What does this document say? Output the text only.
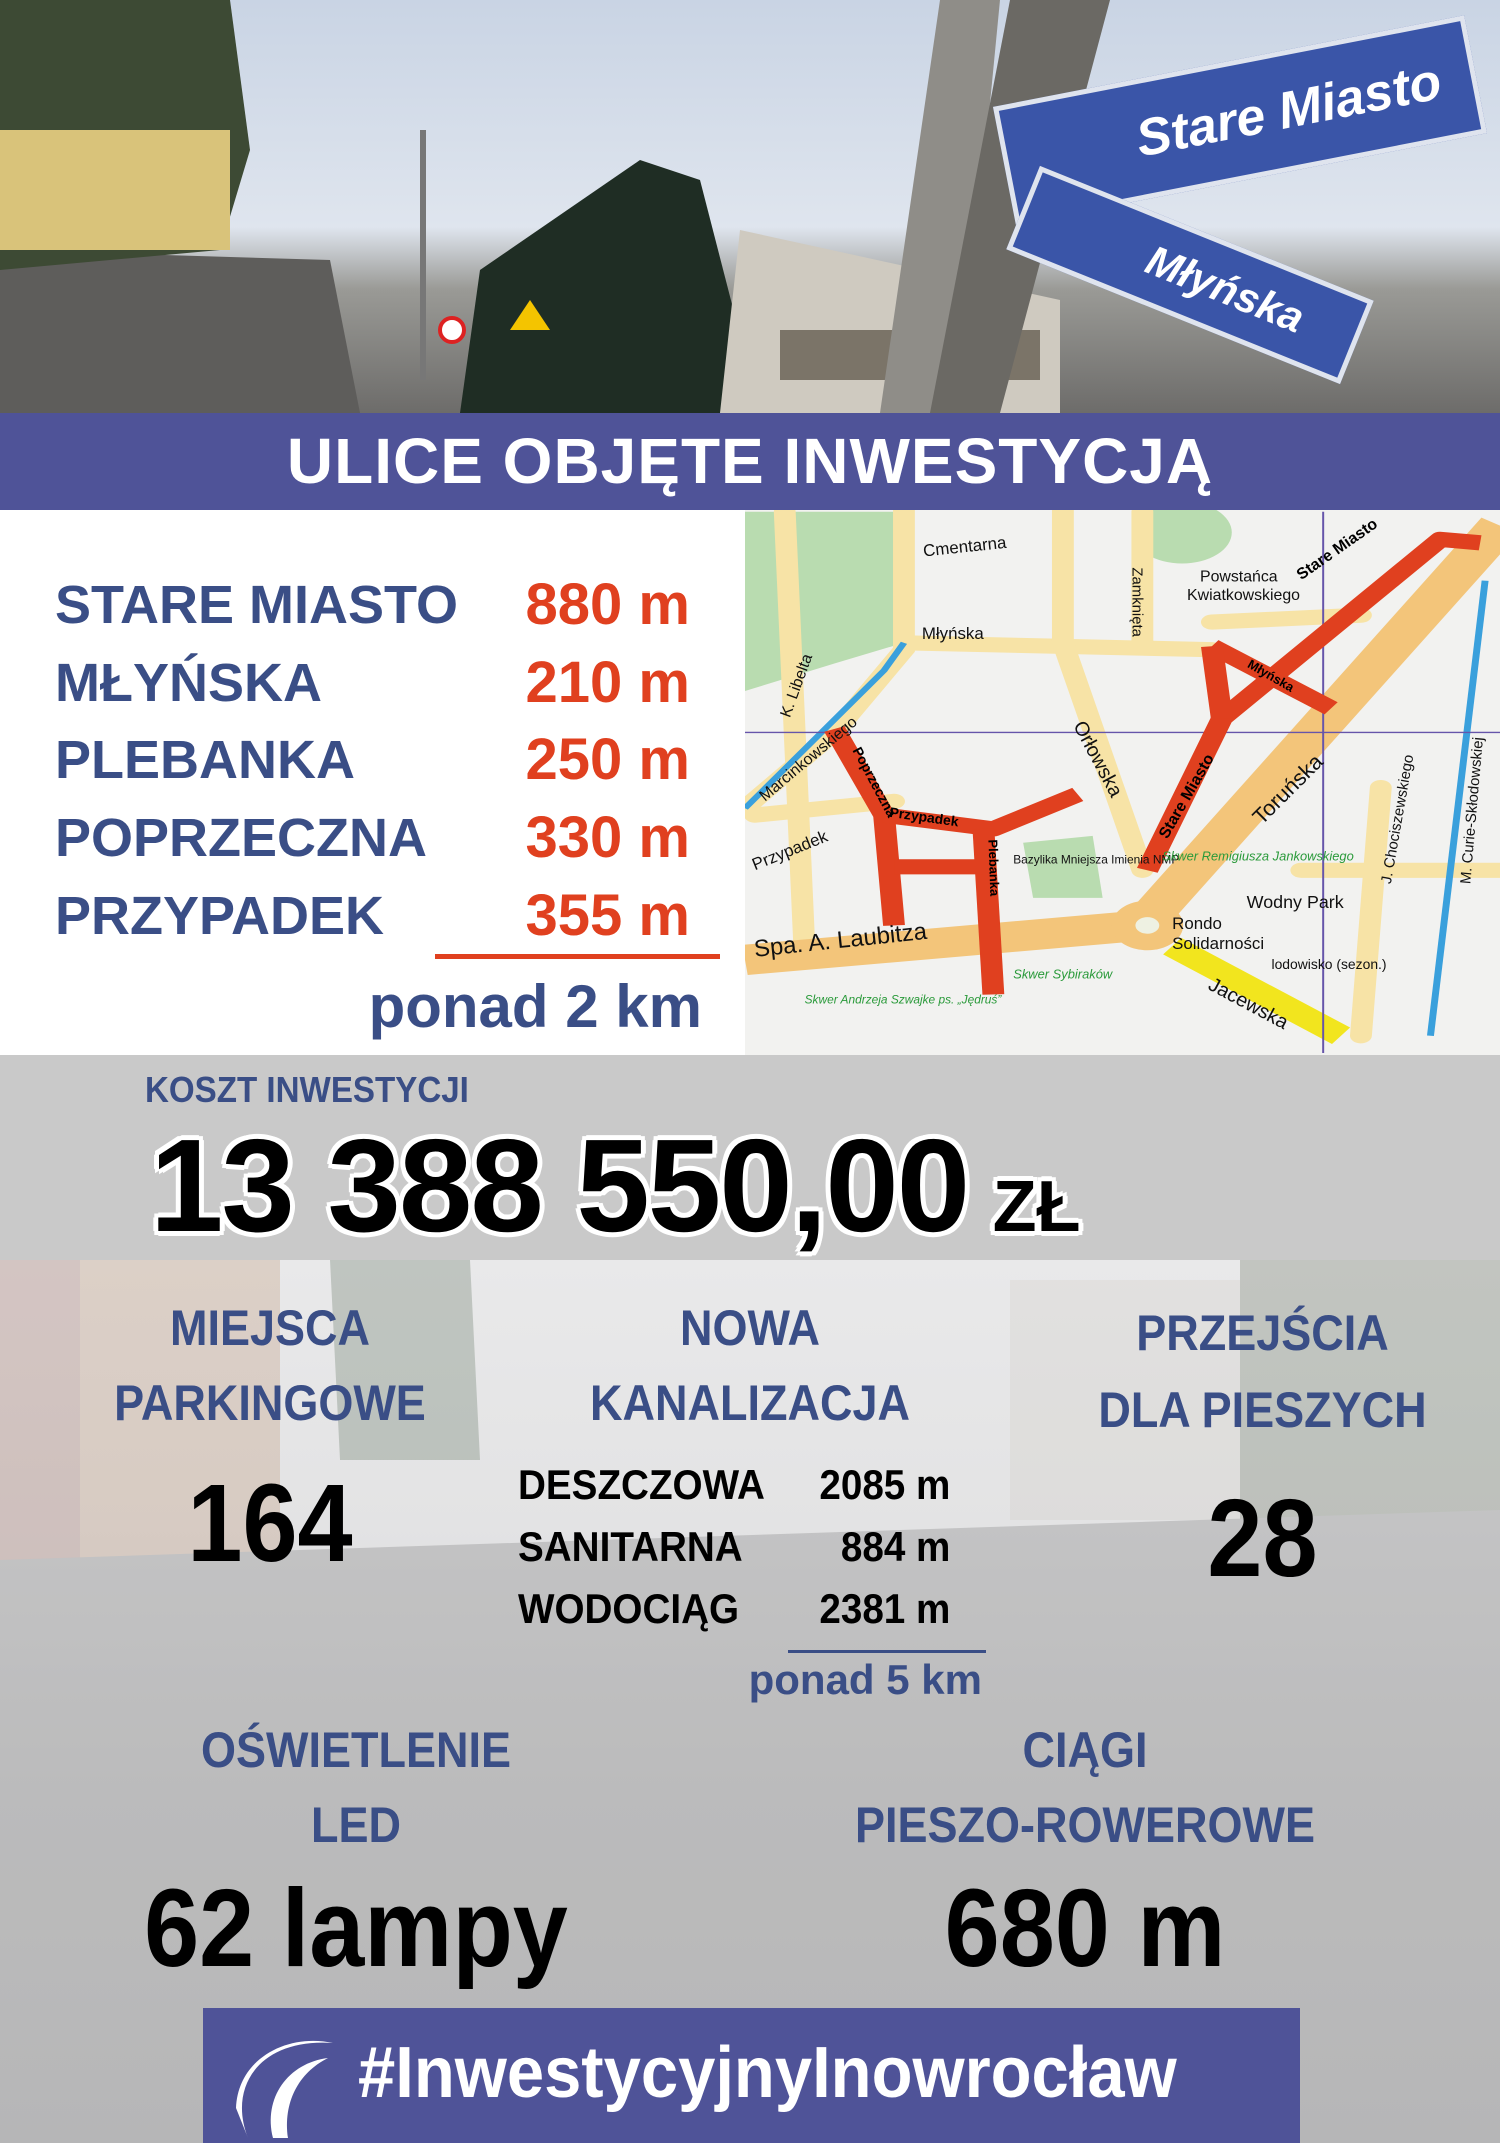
Stare Miasto
Młyńska
ULICE OBJĘTE INWESTYCJĄ
STARE MIASTO 880 m
MŁYŃSKA	210 m
PLEBANKA	250 m
POPRZECZNA 330 m
PRZYPADEK 355 m
ponad 2 km
Cmentarna
Młyńska	Zamknięta	Powstańca
Kwiatkowskiego
Orłowska	Toruńska
K. Libelta
Marcinkowskiego
Przypadek
Spa. A. Laubitza
Bazylika Mniejsza Imienia NMP
Skwer Remigiusza Jankowskiego
Wodny Park
Rondo
Solidarności
lodowisko (sezon.)
Jacewska
J. Chociszewskiego	M. Curie-Skłodowskiej
Skwer Sybiraków
Skwer Andrzeja Szwajke ps. „Jędruś”
Stare Miasto
Młyńska
Stare Miasto
Poprzeczna
Przypadek
Plebanka
KOSZT INWESTYCJI
13 388 550,00 ZŁ
MIEJSCA
PARKINGOWE
164
NOWA
KANALIZACJA
DESZCZOWA 2085 m
SANITARNA 884 m
WODOCIĄG 2381 m
ponad 5 km
PRZEJŚCIA
DLA PIESZYCH
28
OŚWIETLENIE
LED
62 lampy
CIĄGI
PIESZO-ROWEROWE
680 m
#InwestycyjnyInowrocław
